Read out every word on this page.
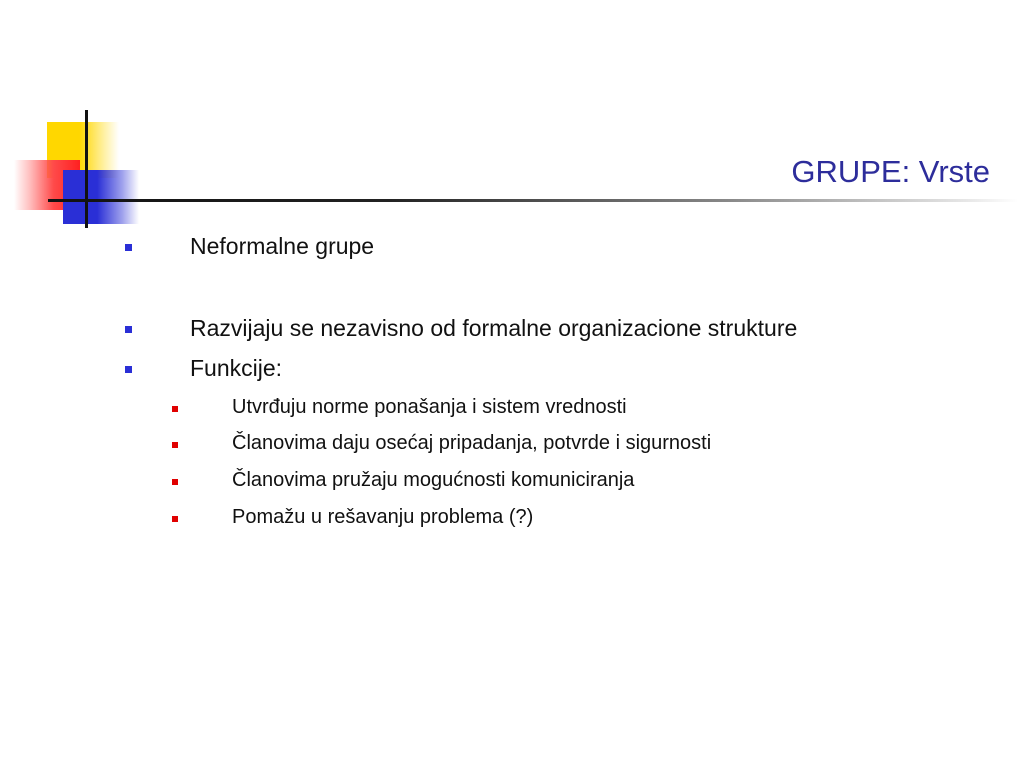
GRUPE: Vrste
Neformalne grupe
Razvijaju se nezavisno od formalne organizacione strukture
Funkcije:
Utvrđuju norme ponašanja i sistem vrednosti
Članovima daju osećaj pripadanja, potvrde i sigurnosti
Članovima pružaju mogućnosti komuniciranja
Pomažu u rešavanju problema (?)
